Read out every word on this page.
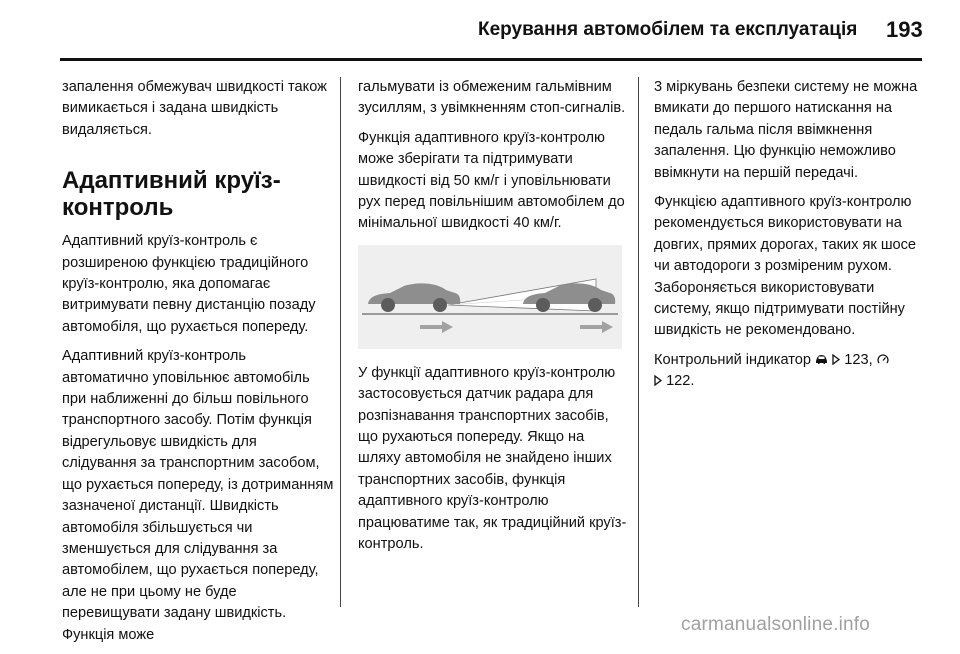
Керування автомобілем та експлуатація 193

запалення обмежувач швидкості також вимикається і задана швидкість видаляється.

Адаптивний круїз-контроль

Адаптивний круїз-контроль є розширеною функцією традиційного круїз-контролю, яка допомагає витримувати певну дистанцію позаду автомобіля, що рухається попереду.

Адаптивний круїз-контроль автоматично уповільнює автомобіль при наближенні до більш повільного транспортного засобу. Потім функція відрегульовує швидкість для слідування за транспортним засобом, що рухається попереду, із дотриманням зазначеної дистанції. Швидкість автомобіля збільшується чи зменшується для слідування за автомобілем, що рухається попереду, але не при цьому не буде перевищувати задану швидкість. Функція може

гальмувати із обмеженим гальмівним зусиллям, з увімкненням стоп-сигналів.

Функція адаптивного круїз-контролю може зберігати та підтримувати швидкості від 50 км/г і уповільнювати рух перед повільнішим автомобілем до мінімальної швидкості 40 км/г.

У функції адаптивного круїз-контролю застосовується датчик радара для розпізнавання транспортних засобів, що рухаються попереду. Якщо на шляху автомобіля не знайдено інших транспортних засобів, функція адаптивного круїз-контролю працюватиме так, як традиційний круїз-контроль.

3 міркувань безпеки систему не можна вмикати до першого натискання на педаль гальма після ввімкнення запалення. Цю функцію неможливо ввімкнути на першій передачі.

Функцією адаптивного круїз-контролю рекомендується використовувати на довгих, прямих дорогах, таких як шосе чи автодороги з розміреним рухом. Забороняється використовувати систему, якщо підтримувати постійну швидкість не рекомендовано.

Контрольний індикатор 123,
122.

carmanualsonline.info
